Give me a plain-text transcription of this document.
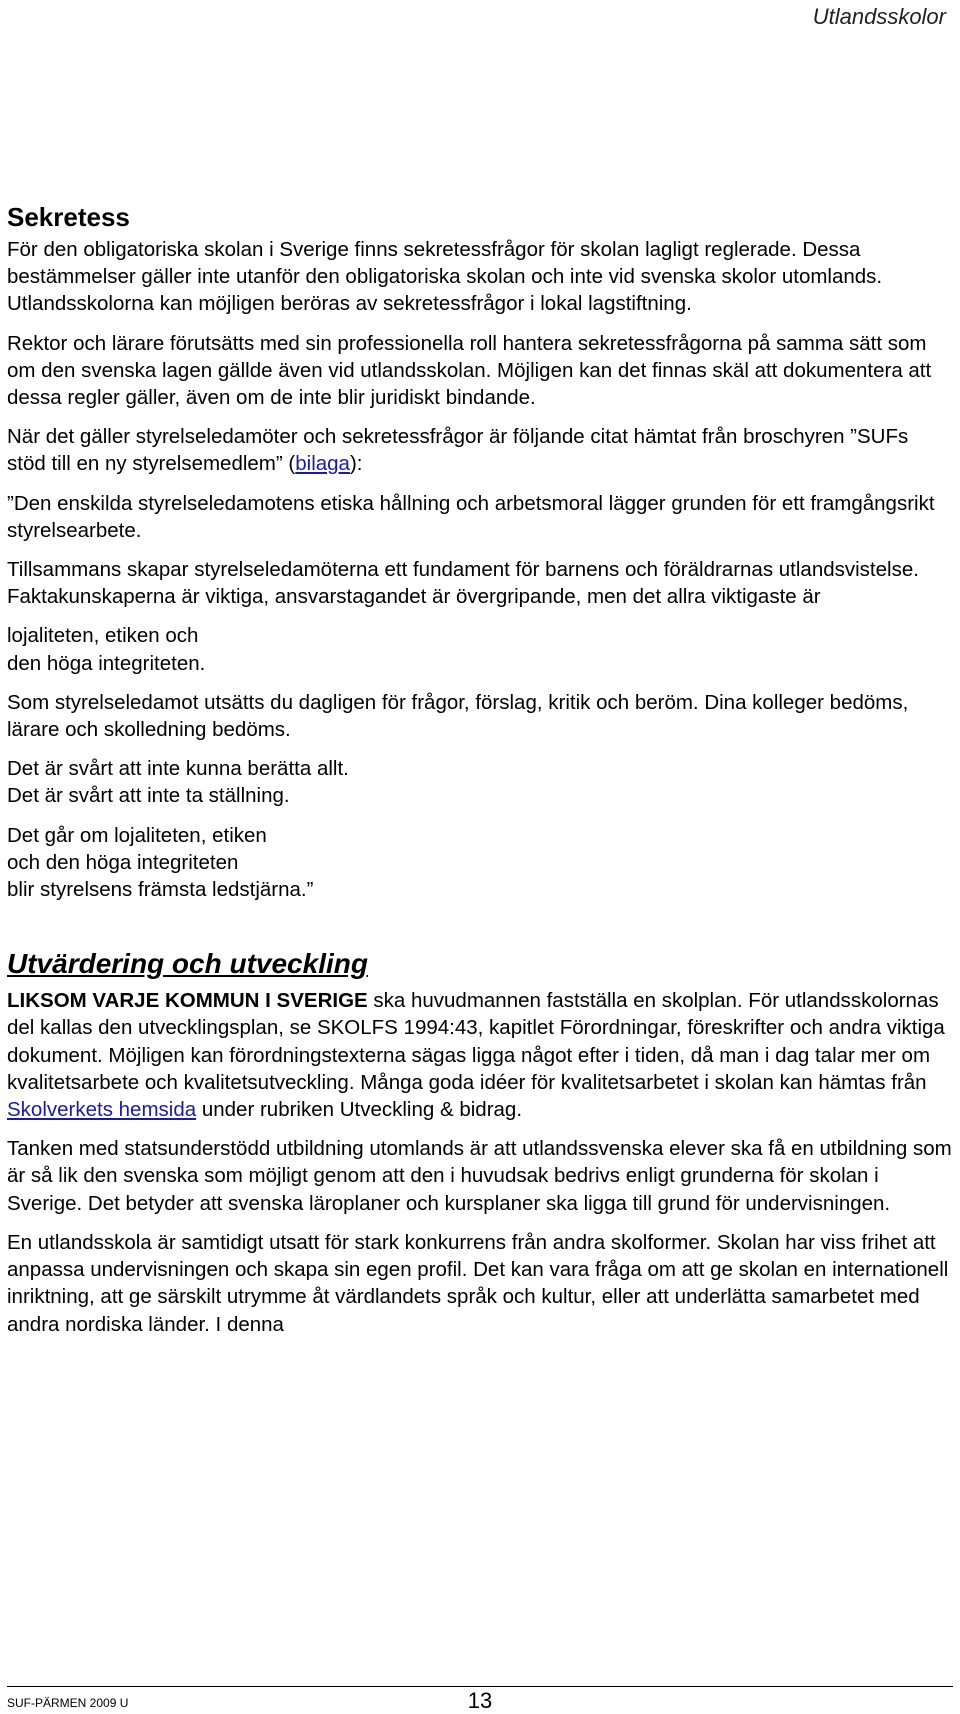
Utlandsskolor
Sekretess

För den obligatoriska skolan i Sverige finns sekretessfrågor för skolan lagligt reglerade. Dessa bestämmelser gäller inte utanför den obligatoriska skolan och inte vid svenska skolor utomlands. Utlandsskolorna kan möjligen beröras av sekretessfrågor i lokal lagstiftning.

Rektor och lärare förutsätts med sin professionella roll hantera sekretessfrågorna på samma sätt som om den svenska lagen gällde även vid utlandsskolan. Möjligen kan det finnas skäl att dokumentera att dessa regler gäller, även om de inte blir juridiskt bindande.

När det gäller styrelseledamöter och sekretessfrågor är följande citat hämtat från broschyren ”SUFs stöd till en ny styrelsemedlem” (bilaga):

”Den enskilda styrelseledamotens etiska hållning och arbetsmoral lägger grunden för ett framgångsrikt styrelsearbete.

Tillsammans skapar styrelseledamöterna ett fundament för barnens och föräldrarnas utlandsvistelse. Faktakunskaperna är viktiga, ansvarstagandet är övergripande, men det allra viktigaste är

lojaliteten, etiken och
den höga integriteten.

Som styrelseledamot utsätts du dagligen för frågor, förslag, kritik och beröm. Dina kolleger bedöms, lärare och skolledning bedöms.

Det är svårt att inte kunna berätta allt.
Det är svårt att inte ta ställning.

Det går om lojaliteten, etiken
och den höga integriteten
blir styrelsens främsta ledstjärna.”

Utvärdering och utveckling

LIKSOM VARJE KOMMUN I SVERIGE ska huvudmannen fastställa en skolplan. För utlandsskolornas del kallas den utvecklingsplan, se SKOLFS 1994:43, kapitlet Förordningar, föreskrifter och andra viktiga dokument. Möjligen kan förordningstexterna sägas ligga något efter i tiden, då man i dag talar mer om kvalitetsarbete och kvalitetsutveckling. Många goda idéer för kvalitetsarbetet i skolan kan hämtas från Skolverkets hemsida under rubriken Utveckling & bidrag.

Tanken med statsunderstödd utbildning utomlands är att utlandssvenska elever ska få en utbildning som är så lik den svenska som möjligt genom att den i huvudsak bedrivs enligt grunderna för skolan i Sverige. Det betyder att svenska läroplaner och kursplaner ska ligga till grund för undervisningen.

En utlandsskola är samtidigt utsatt för stark konkurrens från andra skolformer. Skolan har viss frihet att anpassa undervisningen och skapa sin egen profil. Det kan vara fråga om att ge skolan en internationell inriktning, att ge särskilt utrymme åt värdlandets språk och kultur, eller att underlätta samarbetet med andra nordiska länder. I denna

SUF-PÄRMEN 2009 U	13
